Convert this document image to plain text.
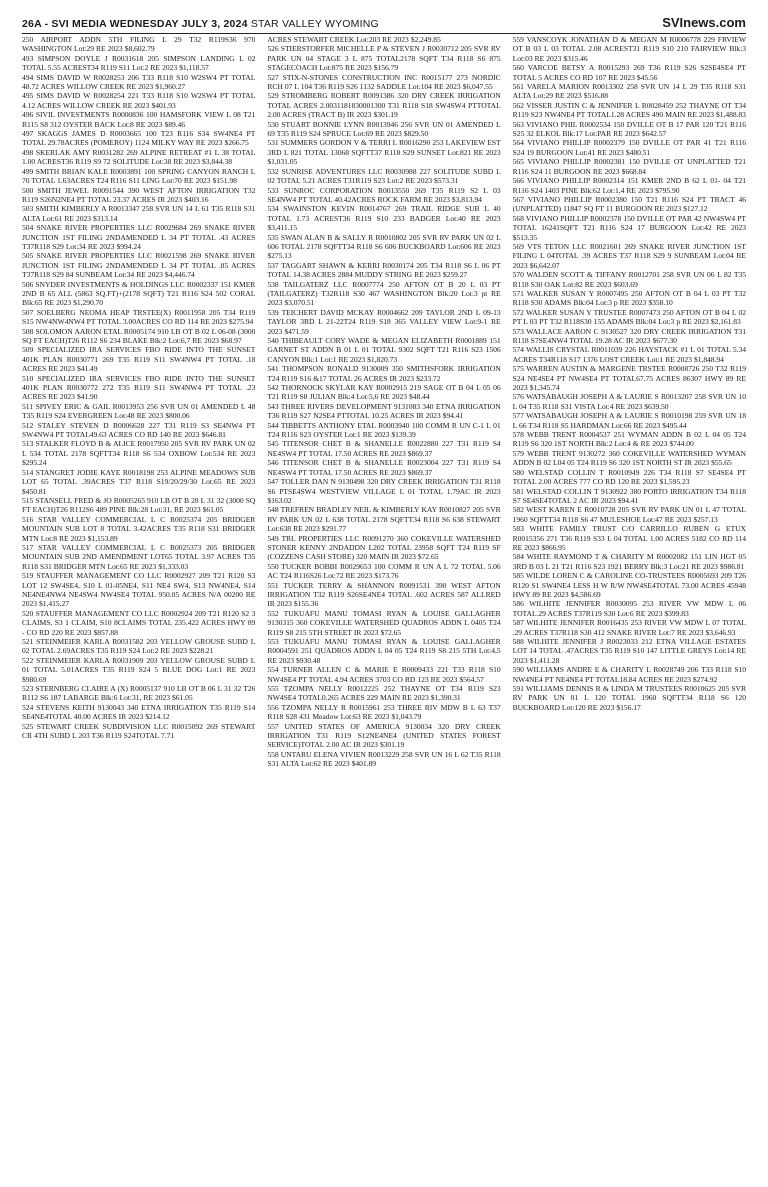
26A - SVI MEDIA WEDNESDAY JULY 3, 2024 STAR VALLEY WYOMING	SVInews.com

250 AIRPORT ADDN 5TH FILING L 29 T32 R119S36 970 WASHINGTON Lot:29 RE 2023 $8,602.79

493 SIMPSON DOYLE J R0031618 205 SIMPSON LANDING L 02 TOTAL 5.55 ACREST34 R119 S11 Lot:2 RE 2023 $1,118.57

494 SIMS DAVID W R0028253 206 T33 R118 S10 W2SW4 PT TOTAL 48.72 ACRES WILLOW CREEK RE 2023 $1,960.27

495 SIMS DAVID W R0028254 221 T33 R118 S10 W2SW4 PT TOTAL 4.12 ACRES WILLOW CREEK RE 2023 $401.93

496 SIVIL INVESTMENTS R0000836 100 HAMSFORK VIEW L 08 T21 R115 S8 312 OYSTER BACK Lot:8 RE 2023 $89.46

497 SKAGGS JAMES D R0003665 100 T23 R116 S34 SW4NE4 PT TOTAL 29.78ACRES (POMEROY) 1124 MILKY WAY RE 2023 $266.75

498 SKERLAK AMY R0031282 269 ALPINE RETREAT #1 L 38 TOTAL 1.00 ACREST36 R119 S9 72 SOLITUDE Lot:38 RE 2023 $3,844.38

499 SMITH BRIAN KALE R0003891 100 SPRING CANYON RANCH L 70 TOTAL 1.63ACRES T24 R116 S11 LING Lot:70 RE 2023 $151.98

500 SMITH JEWEL R0091544 390 WEST AFTON IRRIGATION T32 R119 S26N2NE4 PT TOTAL 23.37 ACRES IR 2023 $403.16

503 SMITH KIMBERLY A R0013347 258 SVR UN 14 L 61 T35 R118 S31 ALTA Lot:61 RE 2023 $313.14

504 SNAKE RIVER PROPERTIES LLC R0029684 269 SNAKE RIVER JUNCTION 1ST FILING 2NDAMENDED L 34 PT TOTAL .43 ACRES T37R118 S29 Lot:34 RE 2023 $994.24

505 SNAKE RIVER PROPERTIES LLC R0021598 269 SNAKE RIVER JUNCTION 1ST FILING 2NDAMENDED L 34 PT TOTAL .85 ACRES T37R118 S29 84 SUNBEAM Lot:34 RE 2023 $4,446.74

506 SNYDER INVESTMENTS & HOLDINGS LLC R0002337 151 KMER 2ND B 65 ALL (5863 SQ.FT)+(2178 SQFT) T21 R116 S24 502 CORAL Blk:65 RE 2023 $1,290.70

507 SOELBERG NEOMA HEAP TRSTEE(X) R0011958 205 T34 R119 S15 NW4NW4NW4 PT TOTAL 3.00ACRES CO RD 114 RE 2023 $275.94

508 SOLOMON AARON ETAL R0005174 910 LB OT B 02 L 06-08 (3000 SQ FT EACH)T26 R112 S6 234 BLAKE Blk:2 Lot:6,7 RE 2023 $68.97

509 SPECIALIZED IRA SERVICES FBO RIDE INTO THE SUNSET 401K PLAN R0030771 269 T35 R119 S11 SW4NW4 PT TOTAL .18 ACRES RE 2023 $41.49

510 SPECIALIZED IRA SERVICES FBO RIDE INTO THE SUNSET 401K PLAN R0030772 272 T35 R119 S11 SW4NW4 PT TOTAL .23 ACRES RE 2023 $41.90

511 SPIVEY ERIC & GAIL R0013953 256 SVR UN 01 AMENDED L 48 T35 R119 S24 EVERGREEN Lot:48 RE 2023 $800.06

512 STALEY STEVEN D R0006628 227 T31 R119 S3 SE4NW4 PT SW4NW4 PT TOTAL49.63 ACRES CO RD 140 RE 2023 $646.81

513 STALKER FLOYD B & ALICE R0017950 205 SVR RV PARK UN 02 L 534 TOTAL 2178 SQFTT34 R118 S6 534 OXBOW Lot:534 RE 2023 $295.24

514 STANGRET JODIE KAYE R0018198 253 ALPINE MEADOWS SUB LOT 65 TOTAL .39ACRES T37 R118 S19/20/29/30 Lot:65 RE 2023 $450.81

515 STANSELL FRED & JO R0005265 910 LB OT B 28 L 31 32 (3000 SQ FT EACH)T26 R112S6 489 PINE Blk:28 Lot:31, RE 2023 $61.05

516 STAR VALLEY COMMERCIAL L C R0025374 205 BRIDGER MOUNTAIN SUB LOT 8 TOTAL 3.42ACRES T35 R118 S31 BRIDGER MTN Lot:8 RE 2023 $1,153.89

517 STAR VALLEY COMMERCIAL L C R0025373 205 BRIDGER MOUNTAIN SUB 2ND AMENDMENT LOT65 TOTAL 3.97 ACRES T35 R118 S31 BRIDGER MTN Lot:65 RE 2023 $1,333.03

519 STAUFFER MANAGEMENT CO LLC R0002927 209 T21 R120 S3 LOT 12 SW4SE4, S10 L 01-05NE4, S11 NE4 SW4, S13 NW4NE4, S14 NE4NE4NW4 NE4SW4 NW4SE4 TOTAL 950.05 ACRES N/A 00200 RE 2023 $1,415.27

520 STAUFFER MANAGEMENT CO LLC R0002924 209 T21 R120 S2 3 CLAIMS, S3 1 CLAIM, S10 8CLAIMS TOTAL 235.422 ACRES HWY 89 - CO RD 220 RE 2023 $857.88

521 STEINMEIER KARLA R0031582 203 YELLOW GROUSE SUBD L 02 TOTAL 2.69ACRES T35 R119 S24 Lot:2 RE 2023 $228.21

522 STEINMEIER KARLA R0031909 203 YELLOW GROUSE SUBD L 01 TOTAL 5.01ACRES T35 R119 S24 5 BLUE DOG Lot:1 RE 2023 $980.69

523 STERNBERG CLAIRE A (X) R0005137 910 LB OT B 06 L 31 32 T26 R112 S6 187 LABARGE Blk:6 Lot:31, RE 2023 $61.05

524 STEVENS KEITH 9130043 340 ETNA IRRIGATION T35 R119 S14 SE4NE4TOTAL 40.00 ACRES IR 2023 $214.12

525 STEWART CREEK SUBDIVISION LLC R0015092 269 STEWART CR 4TH SUBD L 203 T36 R119 S24TOTAL 7.71

ACRES STEWART CREEK Lot:203 RE 2023 $2,249.85

526 STIERSTORFER MICHELLE P & STEVEN J R0030712 205 SVR RV PARK UN 04 STAGE 3 L 875 TOTAL2178 SQFT T34 R118 S6 875 STAGECOACH Lot:875 RE 2023 $156.79

527 STIX-N-STONES CONSTRUCTION INC R0015177 273 NORDIC RCH 07 L 104 T36 R119 S26 1132 SADDLE Lot:104 RE 2023 $6,047.55

529 STROMBERG ROBERT R0091386 320 DRY CREEK IRRIGATION TOTAL ACRES 2.0031181830001300 T31 R118 S18 SW4SW4 PTTOTAL 2.00 ACRES (TRACT B) IR 2023 $301.19

530 STUART BONNIE LYNN R0013946 256 SVR UN 01 AMENDED L 69 T35 R119 S24 SPRUCE Lot:69 RE 2023 $829.50

531 SUMMERS GORDON V & TERRI L R0016290 253 LAKEVIEW EST 3RD L 821 TOTAL 13068 SQFTT37 R118 S29 SUNSET Lot:821 RE 2023 $1,031.05

532 SUNRISE ADVENTURES LLC R0030988 227 SOLITUDE SUBD L 02 TOTAL 5.21 ACRES T31R119 S23 Lot:2 RE 2023 $573.31

533 SUNROC CORPORATION R0013550 269 T35 R119 S2 L 03 SE4NW4 PT TOTAL 40.42ACRES ROCK FARM RE 2023 $3,813.94

534 SWAINSTON KEVIN R0014767 269 TRAIL RIDGE SUB L 40 TOTAL 1.73 ACREST36 R119 S10 233 BADGER Lot:40 RE 2023 $3,411.15

535 SWAN ALAN B & SALLY R R0010802 205 SVR RV PARK UN 02 L 606 TOTAL 2178 SQFTT34 R118 S6 606 BUCKBOARD Lot:606 RE 2023 $275.13

537 TAGGART SHAWN & KERRI R0030174 205 T34 R118 S6 L 06 PT TOTAL 14.38 ACRES 2884 MUDDY STRING RE 2023 $259.27

538 TAILGATERZ LLC R0007774 250 AFTON OT B 20 L 03 PT (TAILGATERZ) T32R118 S30 467 WASHINGTON Blk:20 Lot:3 pt RE 2023 $3,070.51

539 TEICHERT DAVID MCKAY R0004662 209 TAYLOR 2ND L 09-13 TAYLOR 3RD L 21-22T24 R119 S18 365 VALLEY VIEW Lot:9-1 RE 2023 $471.59

540 THIBEAULT CORY WADE & MEGAN ELIZABETH R0001889 151 GARNET ST ADDN B 01 L 01 TOTAL 9302 SQFT T21 R116 S23 1506 CANYON Blk:1 Lot:1 RE 2023 $1,820.73

541 THOMPSON RONALD 9130009 350 SMITHSFORK IRRIGATION T24 R119 S16 &17 TOTAL 26 ACRES IR 2023 $233.72

542 THORNOCK SKYLAR KAY R0002915 219 SAGE OT B 04 L 05 06 T21 R119 S8 JULIAN Blk:4 Lot:5,6 RE 2023 $48.44

543 THREE RIVERS DEVELOPMENT 9131083 340 ETNA IRRIGATION T36 R119 S27 N2SE4 PTTOTAL 10.25 ACRES IR 2023 $94.41

544 TIBBETTS ANTHONY ETAL R0003940 100 COMM R UN C-1 L 01 T24 R116 S23 OYSTER Lot:1 RE 2023 $139.39

545 TITENSOR CHET B & SHANELLE R0022880 227 T31 R119 S4 NE4SW4 PT TOTAL 17.50 ACRES RE 2023 $869.37

546 TITENSOR CHET B & SHANELLE R0023004 227 T31 R119 S4 NE4SW4 PT TOTAL 17.50 ACRES RE 2023 $869.37

547 TOLLER DAN N 9130498 320 DRY CREEK IRRIGATION T31 R118 S6 PTSE4SW4 WESTVIEW VILLAGE L 01 TOTAL 1.79AC IR 2023 $163.02

548 TREFREN BRADLEY NEIL & KIMBERLY KAY R0010827 205 SVR RV PARK UN 02 L 638 TOTAL 2178 SQFTT34 R118 S6 638 STEWART Lot:638 RE 2023 $291.77

549 TRL PROPERTIES LLC R0091270 360 COKEVILLE WATERSHED STONER KENNY 2NDADDN L202 TOTAL 23958 SQFT T24 R119 SF (COZZENS CASH STORE) 320 MAIN IR 2023 $72.65

550 TUCKER BOBBI R0029653 100 COMM R UN A L 72 TOTAL 5.06 AC T24 R116S26 Lot:72 RE 2023 $173.76

551 TUCKER TERRY & SHANNON R0091531 390 WEST AFTON IRRIGATION T32 R119 S26SE4NE4 TOTAL .602 ACRES 587 ALLRED IR 2023 $155.36

552 TUKUAFU MANU TOMASI RYAN & LOUISE GALLAGHER 9130315 360 COKEVILLE WATERSHED QUADROS ADDN L 0405 T24 R119 S8 215 5TH STREET IR 2023 $72.65

553 TUKUAFU MANU TOMASI RYAN & LOUISE GALLAGHER R0004591 251 QUADROS ADDN L 04 05 T24 R119 S8 215 5TH Lot:4,5 RE 2023 $930.48

554 TURNER ALLEN C & MARIE E R0009433 221 T33 R118 S10 NW4SE4 PT TOTAL 4.94 ACRES 3703 CO RD 123 RE 2023 $564.57

555 TZOMPA NELLY R0012225 252 THAYNE OT T34 R119 S23 NW4SE4 TOTAL0.265 ACRES 229 MAIN RE 2023 $1,390.31

556 TZOMPA NELLY R R0015961 253 THREE RIV MDW B L 63 T37 R118 S28 431 Meadow Lot:63 RE 2023 $1,043.79

557 UNITED STATES OF AMERICA 9130034 320 DRY CREEK IRRIGATION T31 R119 S12NE4NE4 (UNITED STATES FOREST SERVICE)TOTAL 2.00 AC IR 2023 $301.19

558 UNTARU ELENA VIVIEN R0013229 258 SVR UN 16 L 62 T35 R118 S31 ALTA Lot:62 RE 2023 $401.89

559 VANSCOYK JONATHAN D & MEGAN M R0006778 229 FRVIEW OT B 03 L 03 TOTAL 2.08 ACREST31 R119 S10 210 FAIRVIEW Blk:3 Lot:03 RE 2023 $315.46

560 VARCOE BETSY A R0015293 269 T36 R119 S26 S2SE4SE4 PT TOTAL 5 ACRES CO RD 107 RE 2023 $45.56

561 VARELA MARION R0013302 258 SVR UN 14 L 29 T35 R118 S31 ALTA Lot:29 RE 2023 $516.88

562 VISSER JUSTIN C & JENNIFER L R0028459 252 THAYNE OT T34 R119 S23 NW4NE4 PT TOTAL1.28 ACRES 490 MAIN RE 2023 $1,488.83

563 VIVIANO PHIL R0002534 150 DVILLE OT B 17 PAR 120 T21 R116 S25 32 ELKOL Blk:17 Lot:PAR RE 2023 $642.57

564 VIVIANO PHILLIP R0002379 150 DVILLE OT PAR 41 T21 R116 S24 19 BURGOON Lot:41 RE 2023 $480.51

565 VIVIANO PHILLIP R0002381 150 DVILLE OT UNPLATTED T21 R116 S24 11 BURGOON RE 2023 $668.84

566 VIVIANO PHILLIP R0002314 151 KMER 2ND B 62 L 01- 04 T21 R116 S24 1403 PINE Blk:62 Lot:1,4 RE 2023 $795.90

567 VIVIANO PHILLIP R0002380 150 T21 R116 S24 PT TRACT 46 (UNPLATTED) 11847 SQ FT 11 BURGOON RE 2023 $127.12

568 VIVIANO PHILLIP R0002378 150 DVILLE OT PAR 42 NW4SW4 PT TOTAL 16241SQFT T21 R116 S24 17 BURGOON Lot:42 RE 2023 $513.35

569 VTS TETON LLC R0021601 269 SNAKE RIVER JUNCTION 1ST FILING L 04TOTAL .39 ACRES T37 R118 S29 9 SUNBEAM Lot:04 RE 2023 $6,642.07

570 WALDEN SCOTT & TIFFANY R0012701 258 SVR UN 06 L 82 T35 R118 S30 OAK Lot:82 RE 2023 $603.69

571 WALKER SUSAN Y R0007495 250 AFTON OT B 04 L 03 PT T32 R118 S30 ADAMS Blk:04 Lot:3 p RE 2023 $358.10

572 WALKER SUSAN Y TRUSTEE R0007473 250 AFTON OT B 04 L 02 PT L 03 PT T32 R118S30 155 ADAMS Blk:04 Lot:3 p RE 2023 $2,161.83

573 WALLACE AARON C 9130527 320 DRY CREEK IRRIGATION T31 R118 S7SE4NW4 TOTAL 19.28 AC IR 2023 $677.30

574 WALLIS CRYSTAL R0011039 226 HAYSTACK #1 L 01 TOTAL 5.34 ACRES T34R118 S17 1376 LOST CREEK Lot:1 RE 2023 $1,848.94

575 WARREN AUSTIN & MARGENE TRSTEE R0008726 250 T32 R119 S24 NE4SE4 PT NW4SE4 PT TOTAL67.75 ACRES 86307 HWY 89 RE 2023 $1,345.74

576 WATSABAUGH JOSEPH A & LAURIE S R0013207 258 SVR UN 10 L 04 T35 R118 S31 VISTA Lot:4 RE 2023 $639.50

577 WATSABAUGH JOSEPH A & LAURIE S R0010198 259 SVR UN 18 L 66 T34 R118 S5 HARDMAN Lot:66 RE 2023 $495.44

578 WEBB TRENT R0004537 251 WYMAN ADDN B 02 L 04 05 T24 R119 S6 320 1ST NORTH Blk:2 Lot:4 & RE 2023 $744.00

579 WEBB TRENT 9130272 360 COKEVILLE WATERSHED WYMAN ADDN B 02 L04 05 T24 R119 S6 320 1ST NORTH ST IR 2023 $55.65

580 WELSTAD COLLIN T R0010949 226 T34 R118 S7 SE4SE4 PT TOTAL 2.00 ACRES 777 CO RD 120 RE 2023 $1,595.23

581 WELSTAD COLLIN T 9130922 380 PORTO IRRIGATION T34 R118 S7 SE4SE4TOTAL 2 AC IR 2023 $94.41

582 WEST KAREN E R0010728 205 SVR RV PARK UN 01 L 47 TOTAL 1960 SQFTT34 R118 S6 47 MULESHOE Lot:47 RE 2023 $257.13

583 WHITE FAMILY TRUST C/O CARRILLO RUBEN G ETUX R0015356 271 T36 R119 S33 L 04 TOTAL 1.00 ACRES 5182 CO RD 114 RE 2023 $866.95

584 WHITE RAYMOND T & CHARITY M R0002082 151 LIN HGT 05 3RD B 03 L 21 T21 R116 S23 1921 BERRY Blk:3 Lot:21 RE 2023 $986.81

585 WILDE LOREN C & CAROLINE CO-TRUSTEES R0005693 209 T26 R120 S1 SW4NE4 LESS H W R/W NW4SE4TOTAL 73.00 ACRES 45948 HWY 89 RE 2023 $4,586.69

586 WILHITE JENNIFER R0030095 253 RIVER VW MDW L 06 TOTAL.29 ACRES T37R119 S30 Lot:6 RE 2023 $399.83

587 WILHITE JENNIFER R0016435 253 RIVER VW MDW L 07 TOTAL .29 ACRES T37R118 S30 412 SNAKE RIVER Lot:7 RE 2023 $3,646.93

588 WILHITE JENNIFER J R0023033 212 ETNA VILLAGE ESTATES LOT 14 TOTAL .47ACRES T35 R119 S10 147 LITTLE GREYS Lot:14 RE 2023 $1,411.28

590 WILLIAMS ANDRE E & CHARITY L R0028749 206 T33 R118 S10 NW4NE4 PT NE4NE4 PT TOTAL18.84 ACRES RE 2023 $274.92

591 WILLIAMS DENNIS R & LINDA M TRUSTEES R0010625 205 SVR RV PARK UN 01 L 120 TOTAL 1960 SQFTT34 R118 S6 120 BUCKBOARD Lot:120 RE 2023 $156.17
